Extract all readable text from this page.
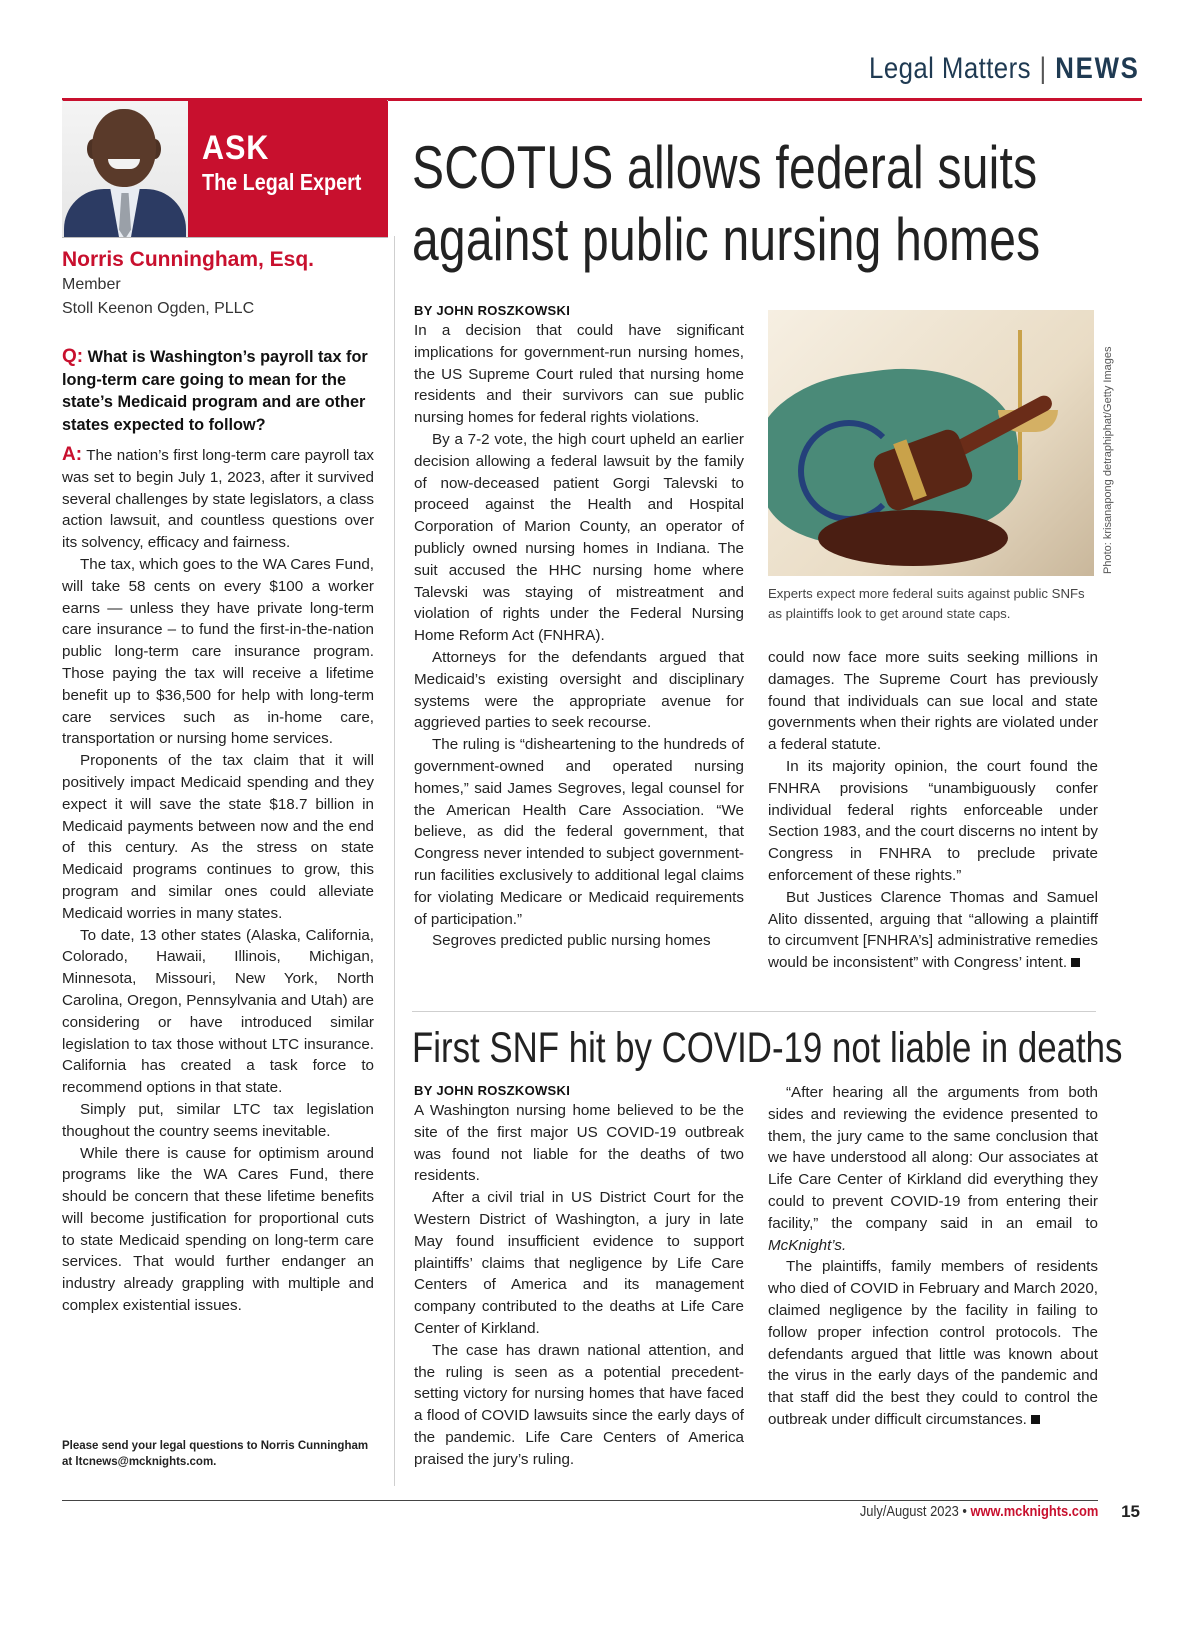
Legal Matters | NEWS
ASK
The Legal Expert
Norris Cunningham, Esq.
Member
Stoll Keenon Ogden, PLLC

Q: What is Washington’s payroll tax for long-term care going to mean for the state’s Medicaid program and are other states expected to follow?

A: The nation’s first long-term care payroll tax was set to begin July 1, 2023, after it survived several challenges by state legislators, a class action lawsuit, and countless questions over its solvency, efficacy and fairness.

The tax, which goes to the WA Cares Fund, will take 58 cents on every $100 a worker earns — unless they have private long-term care insurance – to fund the first-in-the-nation public long-term care insurance program. Those paying the tax will receive a lifetime benefit up to $36,500 for help with long-term care services such as in-home care, transportation or nursing home services.

Proponents of the tax claim that it will positively impact Medicaid spending and they expect it will save the state $18.7 billion in Medicaid payments between now and the end of this century. As the stress on state Medicaid programs continues to grow, this program and similar ones could alleviate Medicaid worries in many states.

To date, 13 other states (Alaska, California, Colorado, Hawaii, Illinois, Michigan, Minnesota, Missouri, New York, North Carolina, Oregon, Pennsylvania and Utah) are considering or have introduced similar legislation to tax those without LTC insurance. California has created a task force to recommend options in that state.

Simply put, similar LTC tax legislation thoughout the country seems inevitable.

While there is cause for optimism around programs like the WA Cares Fund, there should be concern that these lifetime benefits will become justification for proportional cuts to state Medicaid spending on long-term care services. That would further endanger an industry already grappling with multiple and complex existential issues.

Please send your legal questions to Norris Cunningham at ltcnews@mcknights.com.
SCOTUS allows federal suits
against public nursing homes
BY JOHN ROSZKOWSKI

In a decision that could have significant implications for government-run nursing homes, the US Supreme Court ruled that nursing home residents and their survivors can sue public nursing homes for federal rights violations.

By a 7-2 vote, the high court upheld an earlier decision allowing a federal lawsuit by the family of now-deceased patient Gorgi Talevski to proceed against the Health and Hospital Corporation of Marion County, an operator of publicly owned nursing homes in Indiana. The suit accused the HHC nursing home where Talevski was staying of mistreatment and violation of rights under the Federal Nursing Home Reform Act (FNHRA).

Attorneys for the defendants argued that Medicaid’s existing oversight and disciplinary systems were the appropriate avenue for aggrieved parties to seek recourse.

The ruling is “disheartening to the hundreds of government-owned and operated nursing homes,” said James Segroves, legal counsel for the American Health Care Association. “We believe, as did the federal government, that Congress never intended to subject government-run facilities exclusively to additional legal claims for violating Medicare or Medicaid requirements of participation.”

Segroves predicted public nursing homes

Photo: krisanapong detraphiphat/Getty Images
Experts expect more federal suits against public SNFs as plaintiffs look to get around state caps.

could now face more suits seeking millions in damages. The Supreme Court has previously found that individuals can sue local and state governments when their rights are violated under a federal statute.

In its majority opinion, the court found the FNHRA provisions “unambiguously confer individual federal rights enforceable under Section 1983, and the court discerns no intent by Congress in FNHRA to preclude private enforcement of these rights.”

But Justices Clarence Thomas and Samuel Alito dissented, arguing that “allowing a plaintiff to circumvent [FNHRA’s] administrative remedies would be inconsistent” with Congress’ intent.

First SNF hit by COVID-19 not liable in deaths
BY JOHN ROSZKOWSKI

A Washington nursing home believed to be the site of the first major US COVID-19 outbreak was found not liable for the deaths of two residents.

After a civil trial in US District Court for the Western District of Washington, a jury in late May found insufficient evidence to support plaintiffs’ claims that negligence by Life Care Centers of America and its management company contributed to the deaths at Life Care Center of Kirkland.

The case has drawn national attention, and the ruling is seen as a potential precedent-setting victory for nursing homes that have faced a flood of COVID lawsuits since the early days of the pandemic. Life Care Centers of America praised the jury’s ruling.

“After hearing all the arguments from both sides and reviewing the evidence presented to them, the jury came to the same conclusion that we have understood all along: Our associates at Life Care Center of Kirkland did everything they could to prevent COVID-19 from entering their facility,” the company said in an email to McKnight’s.

The plaintiffs, family members of residents who died of COVID in February and March 2020, claimed negligence by the facility in failing to follow proper infection control protocols. The defendants argued that little was known about the virus in the early days of the pandemic and that staff did the best they could to control the outbreak under difficult circumstances.

July/August 2023 • www.mcknights.com 15
